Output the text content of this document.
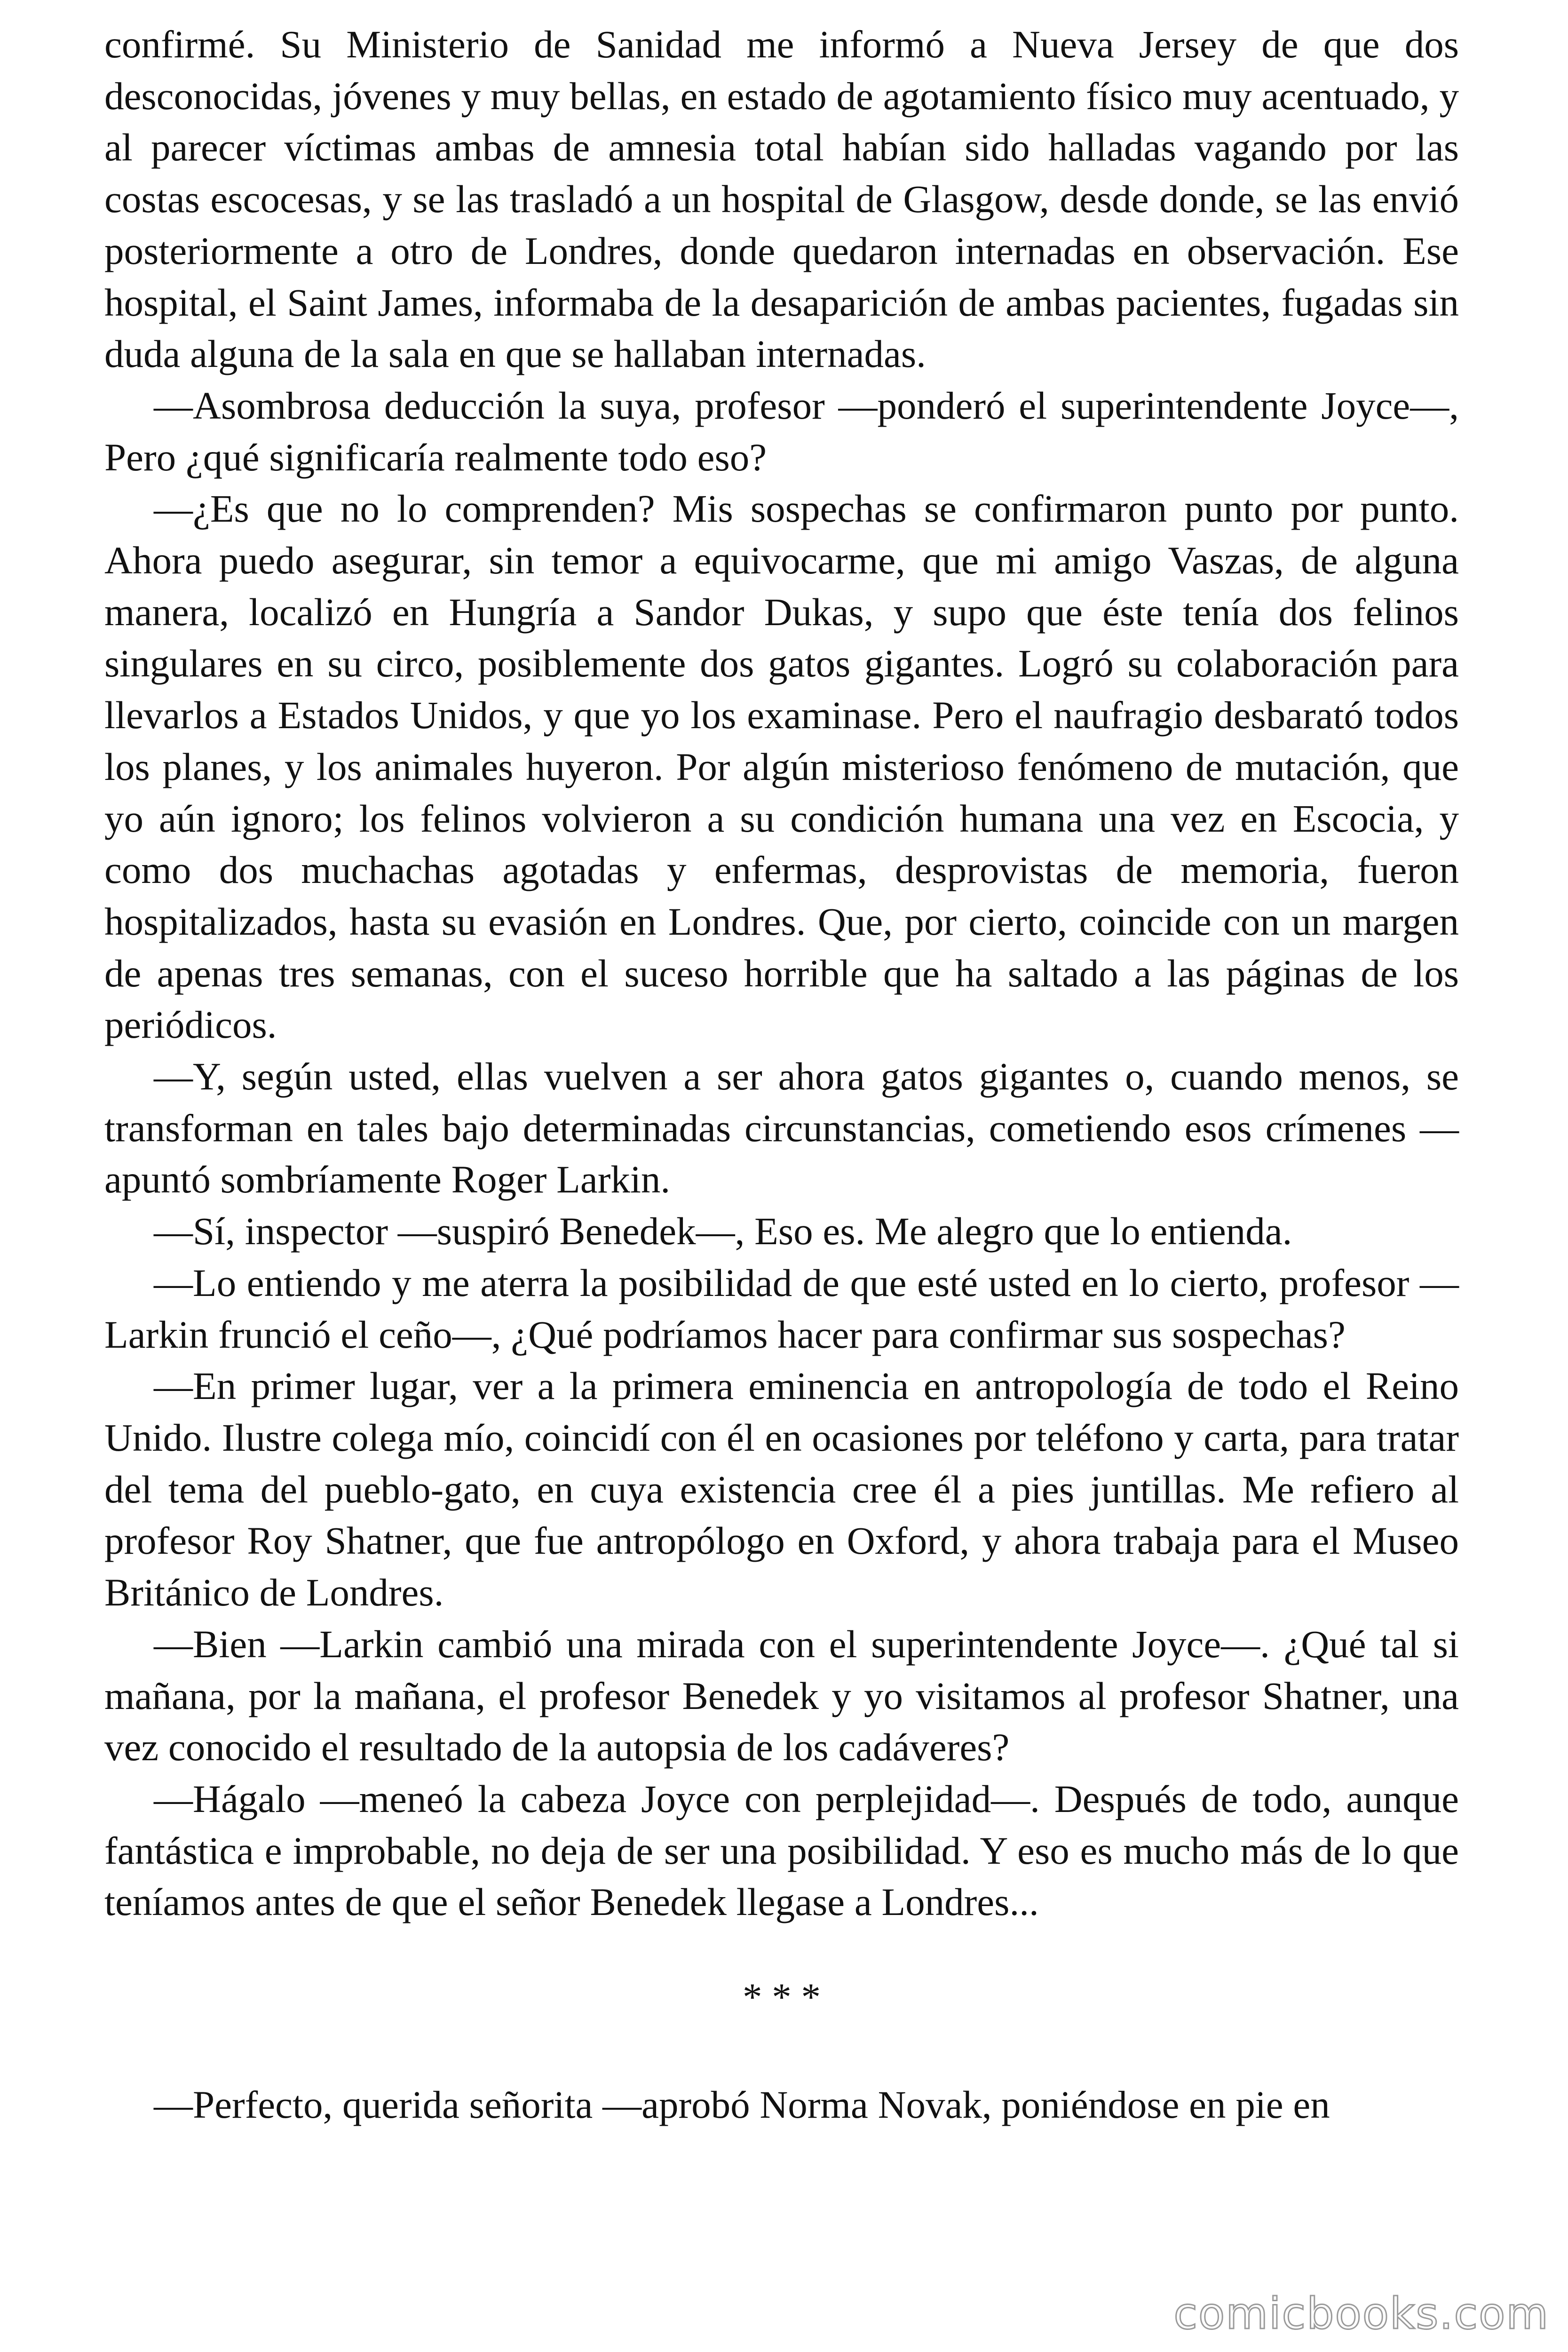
confirmé. Su Ministerio de Sanidad me informó a Nueva Jersey de que dos desconocidas, jóvenes y muy bellas, en estado de agotamiento físico muy acentuado, y al parecer víctimas ambas de amnesia total habían sido halladas vagando por las costas escocesas, y se las trasladó a un hospital de Glasgow, desde donde, se las envió posteriormente a otro de Londres, donde quedaron internadas en observación. Ese hospital, el Saint James, informaba de la desaparición de ambas pacientes, fugadas sin duda alguna de la sala en que se hallaban internadas.

—Asombrosa deducción la suya, profesor —ponderó el superintendente Joyce—, Pero ¿qué significaría realmente todo eso?

—¿Es que no lo comprenden? Mis sospechas se confirmaron punto por punto. Ahora puedo asegurar, sin temor a equivocarme, que mi amigo Vaszas, de alguna manera, localizó en Hungría a Sandor Dukas, y supo que éste tenía dos felinos singulares en su circo, posiblemente dos gatos gigantes. Logró su colaboración para llevarlos a Estados Unidos, y que yo los examinase. Pero el naufragio desbarató todos los planes, y los animales huyeron. Por algún misterioso fenómeno de mutación, que yo aún ignoro; los felinos volvieron a su condición humana una vez en Escocia, y como dos muchachas agotadas y enfermas, desprovistas de memoria, fueron hospitalizados, hasta su evasión en Londres. Que, por cierto, coincide con un margen de apenas tres semanas, con el suceso horrible que ha saltado a las páginas de los periódicos.

—Y, según usted, ellas vuelven a ser ahora gatos gigantes o, cuando menos, se transforman en tales bajo determinadas circunstancias, cometiendo esos crímenes —apuntó sombríamente Roger Larkin.

—Sí, inspector —suspiró Benedek—, Eso es. Me alegro que lo entienda.

—Lo entiendo y me aterra la posibilidad de que esté usted en lo cierto, profesor —Larkin frunció el ceño—, ¿Qué podríamos hacer para confirmar sus sospechas?

—En primer lugar, ver a la primera eminencia en antropología de todo el Reino Unido. Ilustre colega mío, coincidí con él en ocasiones por teléfono y carta, para tratar del tema del pueblo-gato, en cuya existencia cree él a pies juntillas. Me refiero al profesor Roy Shatner, que fue antropólogo en Oxford, y ahora trabaja para el Museo Británico de Londres.

—Bien —Larkin cambió una mirada con el superintendente Joyce—. ¿Qué tal si mañana, por la mañana, el profesor Benedek y yo visitamos al profesor Shatner, una vez conocido el resultado de la autopsia de los cadáveres?

—Hágalo —meneó la cabeza Joyce con perplejidad—. Después de todo, aunque fantástica e improbable, no deja de ser una posibilidad. Y eso es mucho más de lo que teníamos antes de que el señor Benedek llegase a Londres...

* * *

—Perfecto, querida señorita —aprobó Norma Novak, poniéndose en pie en

comicbooks.com
